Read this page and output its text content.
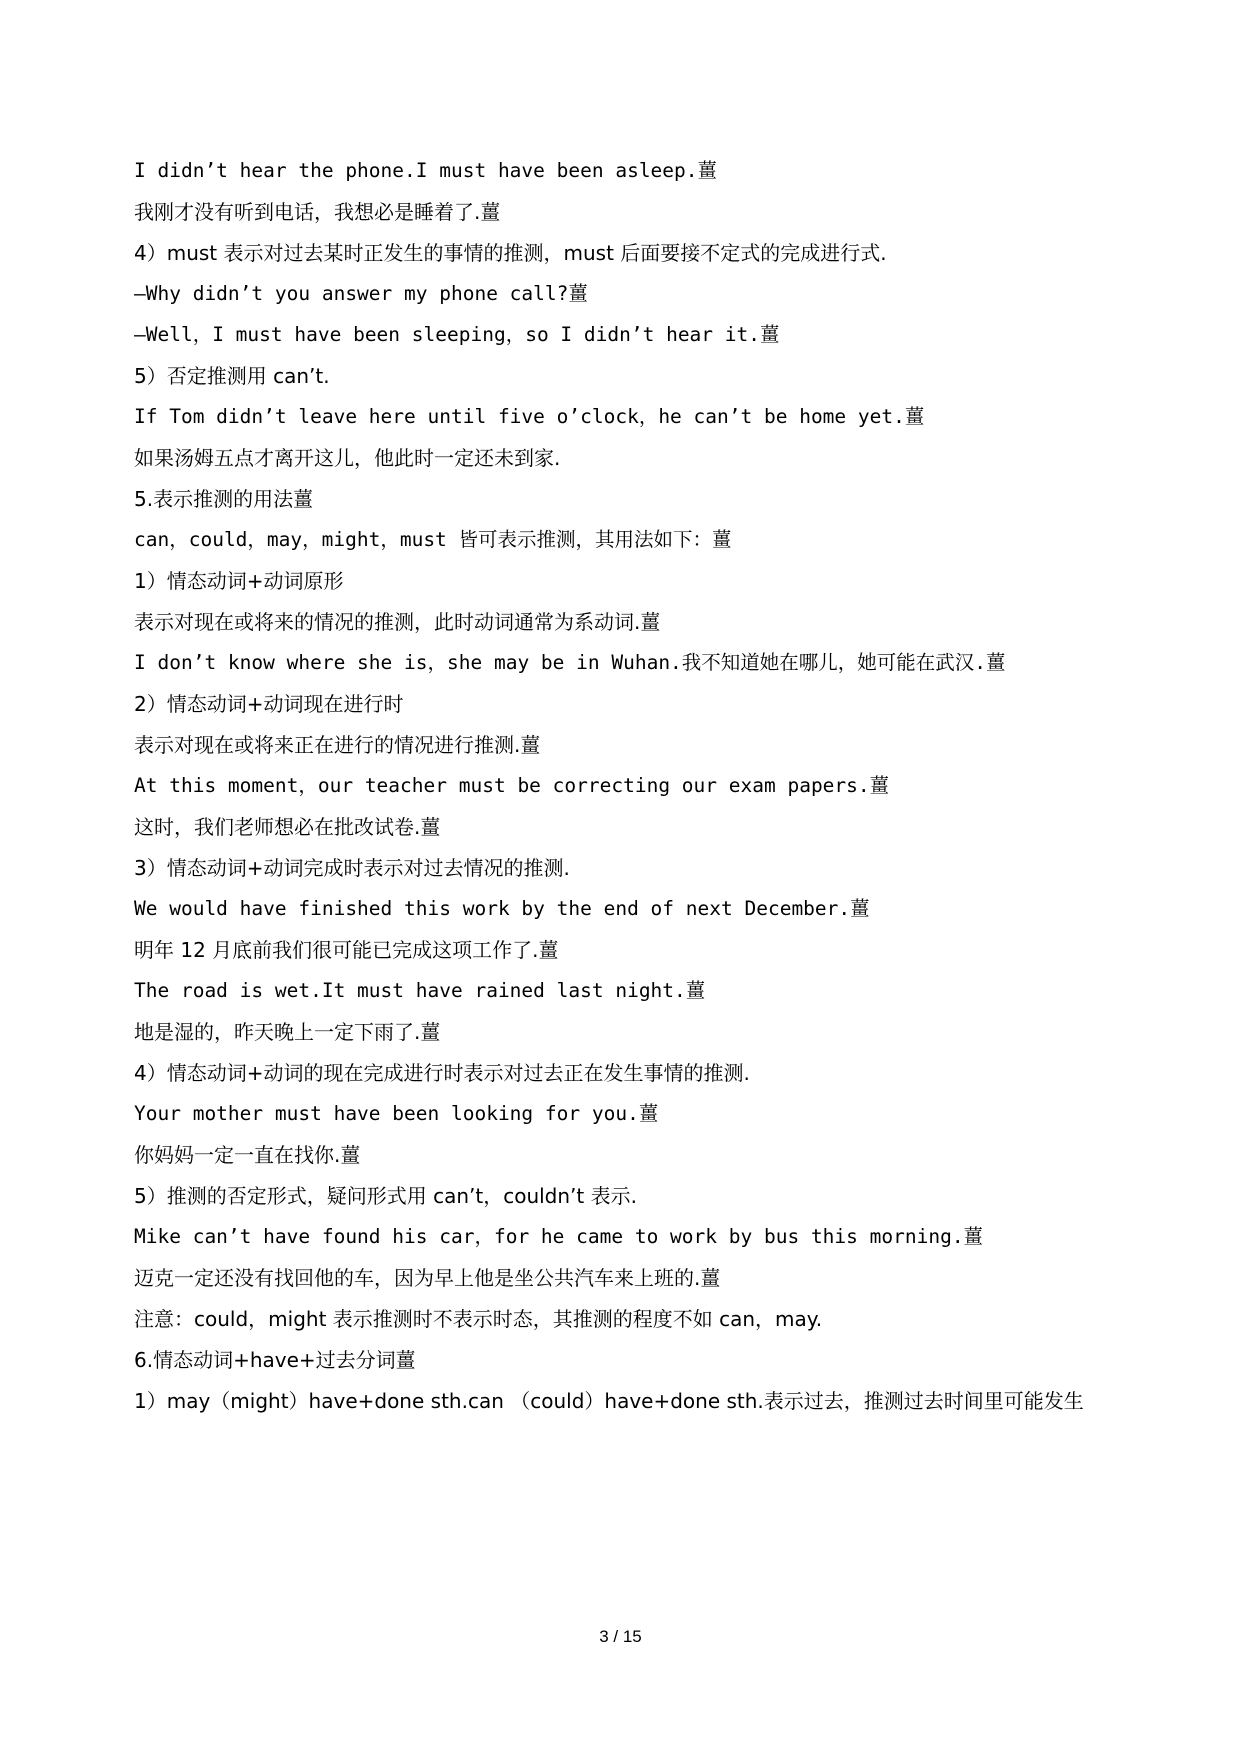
I didn’t hear the phone.I must have been asleep.薑
我刚才没有听到电话，我想必是睡着了.薑
4）must 表示对过去某时正发生的事情的推测，must 后面要接不定式的完成进行式.
—Why didn’t you answer my phone call?薑
—Well，I must have been sleeping，so I didn’t hear it.薑
5）否定推测用 can’t.
If Tom didn’t leave here until five o’clock，he can’t be home yet.薑
如果汤姆五点才离开这儿，他此时一定还未到家.
5.表示推测的用法薑
can，could，may，might，must 皆可表示推测，其用法如下：薑
1）情态动词+动词原形
表示对现在或将来的情况的推测，此时动词通常为系动词.薑
I don’t know where she is，she may be in Wuhan.我不知道她在哪儿，她可能在武汉.薑
2）情态动词+动词现在进行时
表示对现在或将来正在进行的情况进行推测.薑
At this moment，our teacher must be correcting our exam papers.薑
这时，我们老师想必在批改试卷.薑
3）情态动词+动词完成时表示对过去情况的推测.
We would have finished this work by the end of next December.薑
明年 12 月底前我们很可能已完成这项工作了.薑
The road is wet.It must have rained last night.薑
地是湿的，昨天晚上一定下雨了.薑
4）情态动词+动词的现在完成进行时表示对过去正在发生事情的推测.
Your mother must have been looking for you.薑
你妈妈一定一直在找你.薑
5）推测的否定形式，疑问形式用 can’t，couldn’t 表示.
Mike can’t have found his car，for he came to work by bus this morning.薑
迈克一定还没有找回他的车，因为早上他是坐公共汽车来上班的.薑
注意：could，might 表示推测时不表示时态，其推测的程度不如 can，may.
6.情态动词+have+过去分词薑
1）may（might）have+done sth.can （could）have+done sth.表示过去，推测过去时间里可能发生
3 / 15
